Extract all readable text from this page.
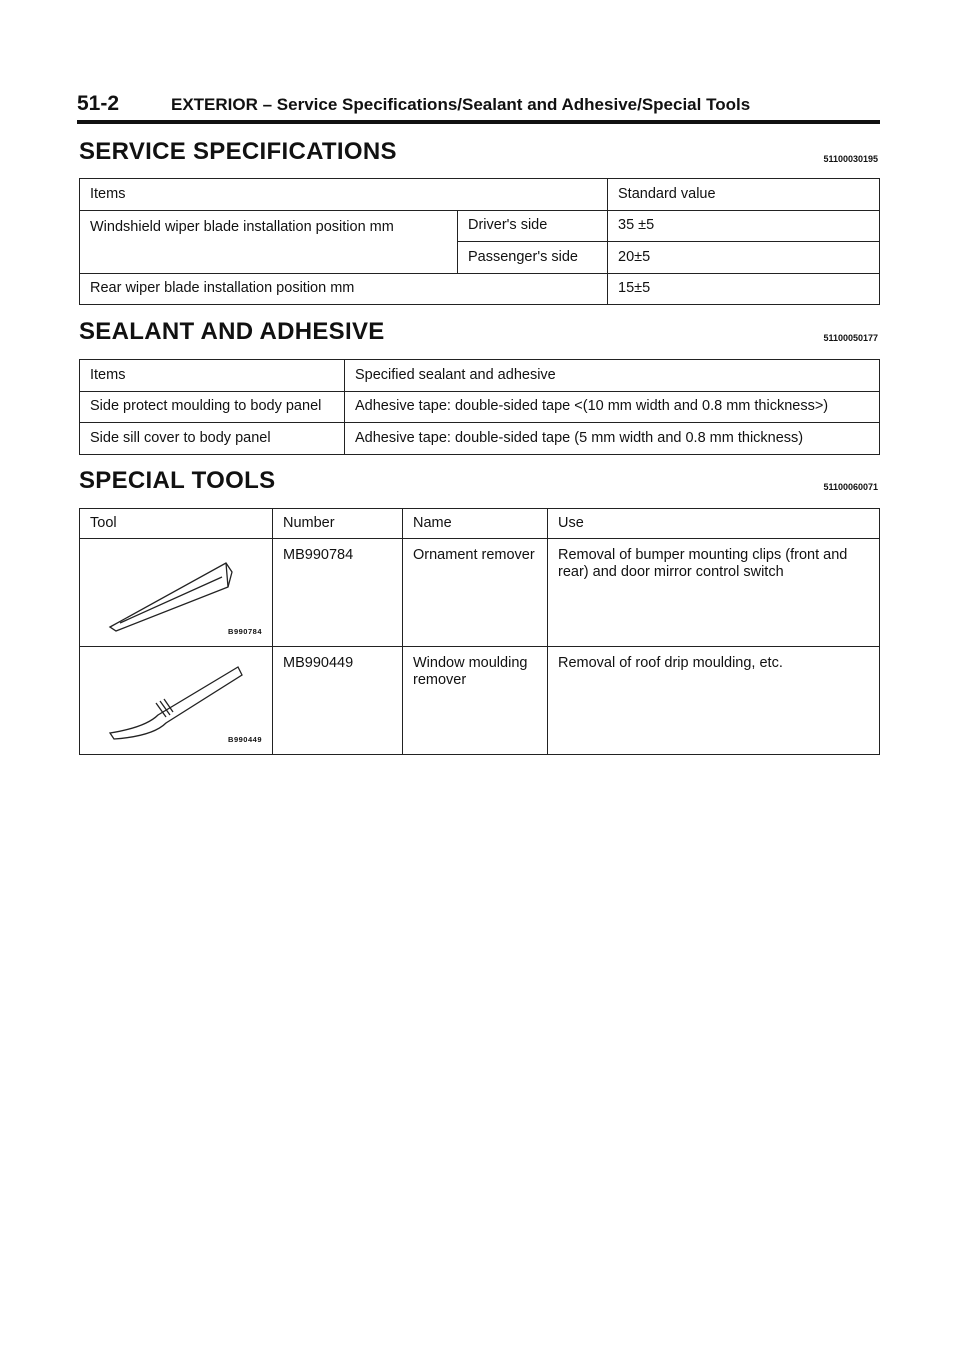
51-2	EXTERIOR – Service Specifications/Sealant and Adhesive/Special Tools
SERVICE SPECIFICATIONS	51100030195
Items		Standard value
Windshield wiper blade installation position mm	Driver's side	35 ±5
	Passenger's side	20±5
Rear wiper blade installation position mm		15±5
SEALANT AND ADHESIVE	51100050177
Items	Specified sealant and adhesive
Side protect moulding to body panel	Adhesive tape: double-sided tape <(10 mm width and 0.8 mm thickness>)
Side sill cover to body panel	Adhesive tape: double-sided tape (5 mm width and 0.8 mm thickness)
SPECIAL TOOLS	51100060071
Tool	Number	Name	Use

B990784	MB990784	Ornament remover	Removal of bumper mounting clips (front and rear) and door mirror control switch

B990449	MB990449	Window moulding remover	Removal of roof drip moulding, etc.
